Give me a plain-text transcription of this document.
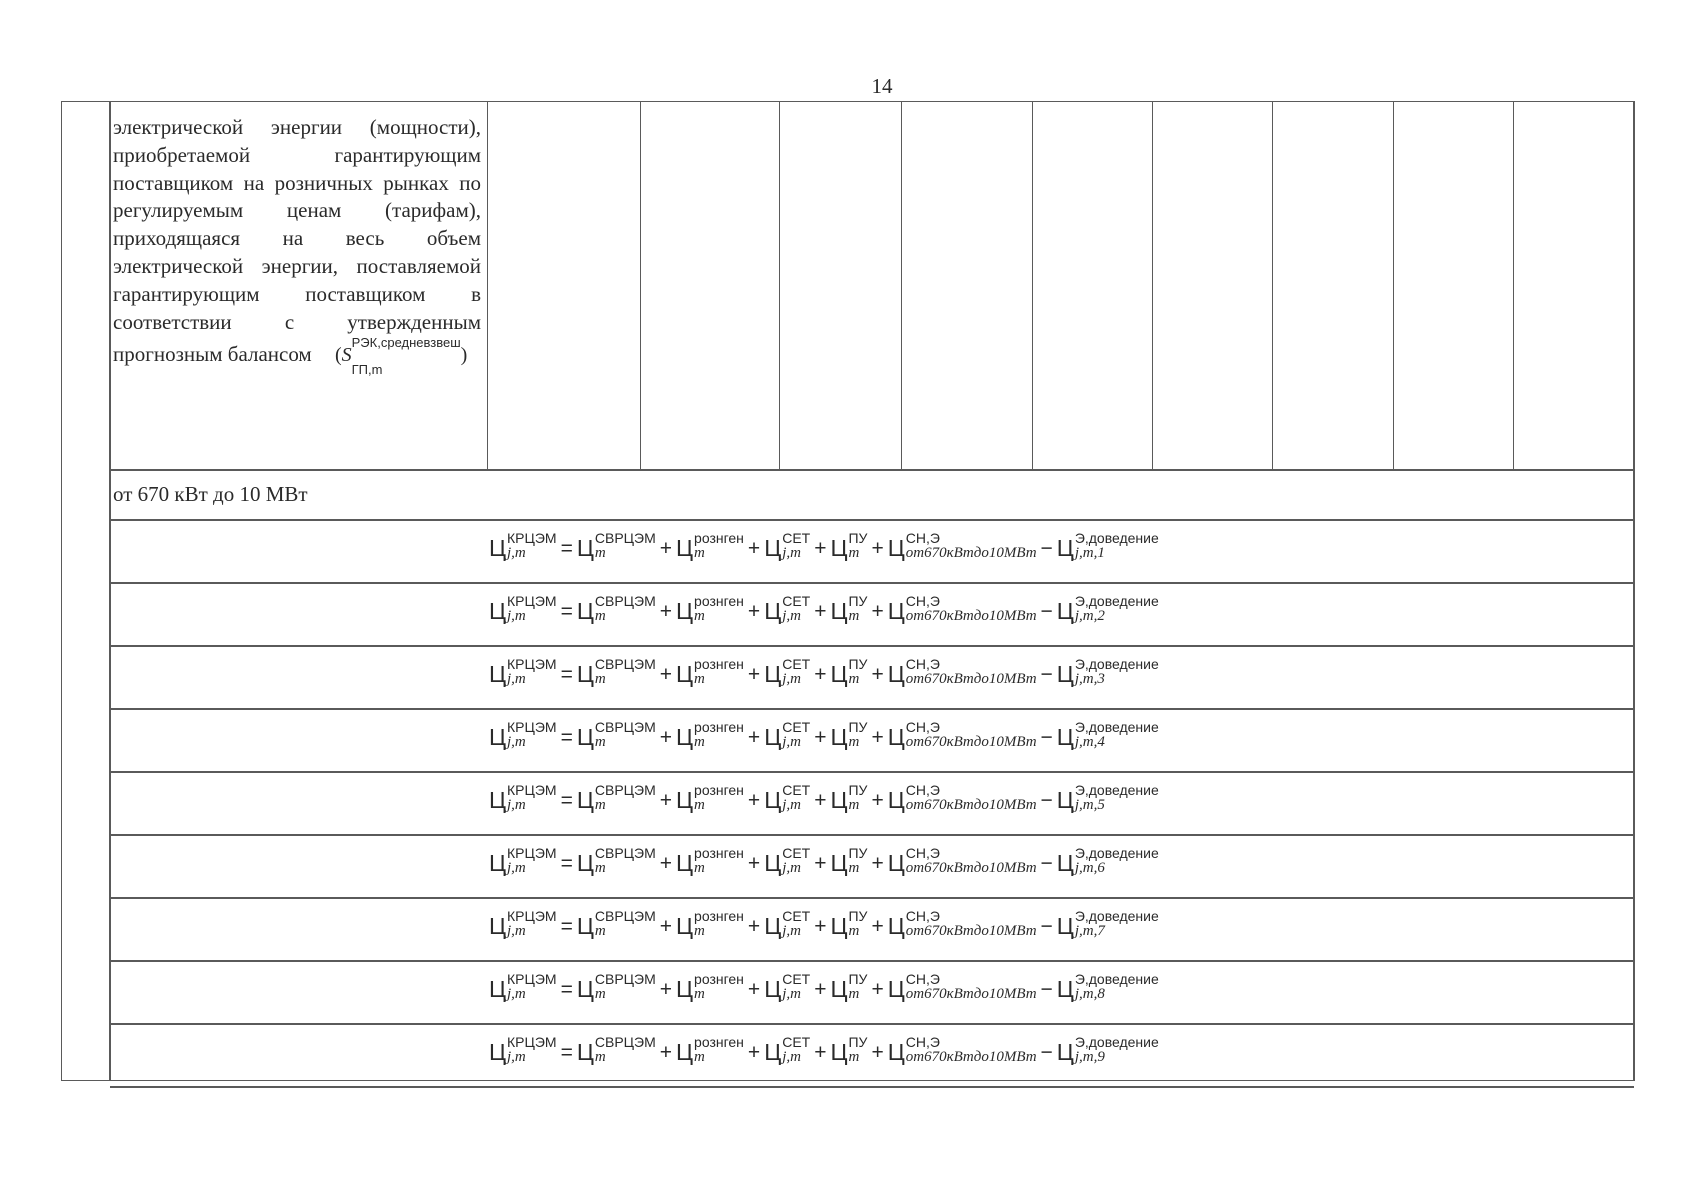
14
электрической энергии (мощности), приобретаемой гарантирующим поставщиком на розничных рынках по регулируемым ценам (тарифам), приходящаяся на весь объем электрической энергии, поставляемой гарантирующим поставщиком в соответствии с утвержденным прогнозным балансом ($S^{РЭК,средневзвеш}$
$_{ГП,m}$)
от 670 кВт до 10 МВт
Ц КРЦЭМ
j,m	= Ц СВРЦЭМ
m	+ Ц рознген
m	+ Ц СЕТ
j,m + Ц ПУ
m + Ц СН,Э
от670кВтдо10МВт − Ц Э,доведение
j,m,1
Ц КРЦЭМ
j,m	= Ц СВРЦЭМ
m	+ Ц рознген
m	+ Ц СЕТ
j,m + Ц ПУ
m + Ц СН,Э
от670кВтдо10МВт − Ц Э,доведение
j,m,2
Ц КРЦЭМ
j,m	= Ц СВРЦЭМ
m	+ Ц рознген
m	+ Ц СЕТ
j,m + Ц ПУ
m + Ц СН,Э
от670кВтдо10МВт − Ц Э,доведение
j,m,3
Ц КРЦЭМ
j,m	= Ц СВРЦЭМ
m	+ Ц рознген
m	+ Ц СЕТ
j,m + Ц ПУ
m + Ц СН,Э
от670кВтдо10МВт − Ц Э,доведение
j,m,4
Ц КРЦЭМ
j,m	= Ц СВРЦЭМ
m	+ Ц рознген
m	+ Ц СЕТ
j,m + Ц ПУ
m + Ц СН,Э
от670кВтдо10МВт − Ц Э,доведение
j,m,5
Ц КРЦЭМ
j,m	= Ц СВРЦЭМ
m	+ Ц рознген
m	+ Ц СЕТ
j,m + Ц ПУ
m + Ц СН,Э
от670кВтдо10МВт − Ц Э,доведение
j,m,6
Ц КРЦЭМ
j,m	= Ц СВРЦЭМ
m	+ Ц рознген
m	+ Ц СЕТ
j,m + Ц ПУ
m + Ц СН,Э
от670кВтдо10МВт − Ц Э,доведение
j,m,7
Ц КРЦЭМ
j,m	= Ц СВРЦЭМ
m	+ Ц рознген
m	+ Ц СЕТ
j,m + Ц ПУ
m + Ц СН,Э
от670кВтдо10МВт − Ц Э,доведение
j,m,8
Ц КРЦЭМ
j,m	= Ц СВРЦЭМ
m	+ Ц рознген
m	+ Ц СЕТ
j,m + Ц ПУ
m + Ц СН,Э
от670кВтдо10МВт − Ц Э,доведение
j,m,9
